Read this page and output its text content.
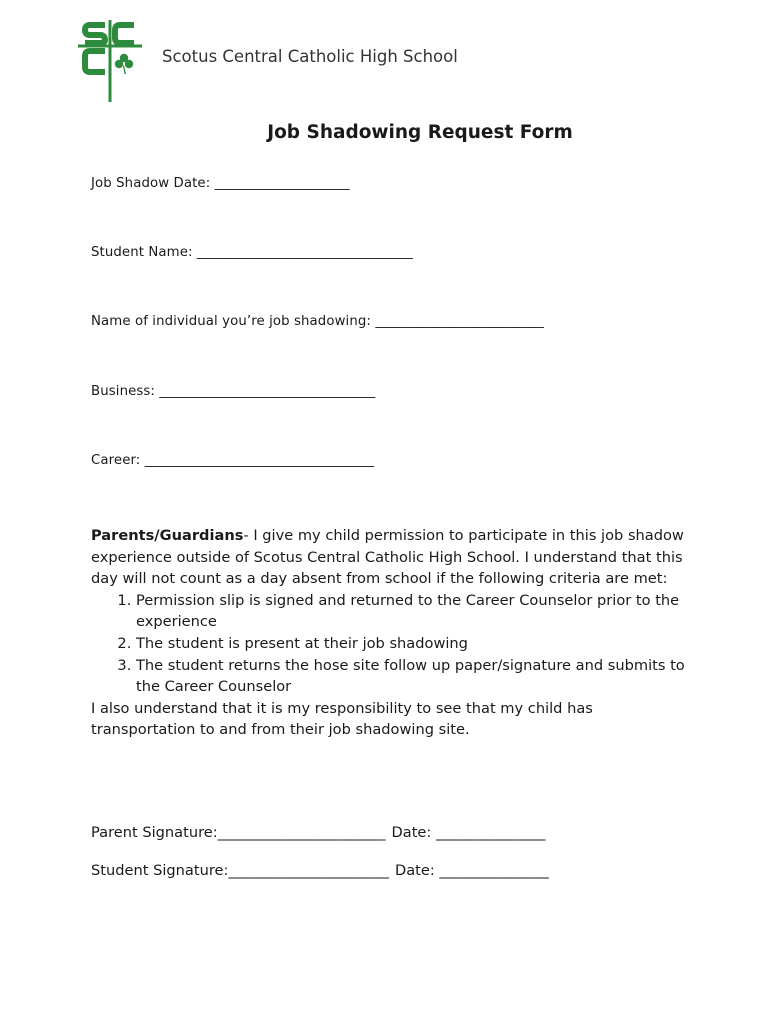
Scotus Central Catholic High School
Job Shadowing Request Form
Job Shadow Date: ____________________
Student Name: ________________________________
Name of individual you’re job shadowing: _________________________
Business: ________________________________
Career: __________________________________

Parents/Guardians- I give my child permission to participate in this job shadow experience outside of Scotus Central Catholic High School. I understand that this day will not count as a day absent from school if the following criteria are met:

1. Permission slip is signed and returned to the Career Counselor prior to the experience
2. The student is present at their job shadowing
3. The student returns the hose site follow up paper/signature and submits to the Career Counselor

I also understand that it is my responsibility to see that my child has transportation to and from their job shadowing site.

Parent Signature:_______________________ Date: _______________
Student Signature:______________________ Date: _______________
